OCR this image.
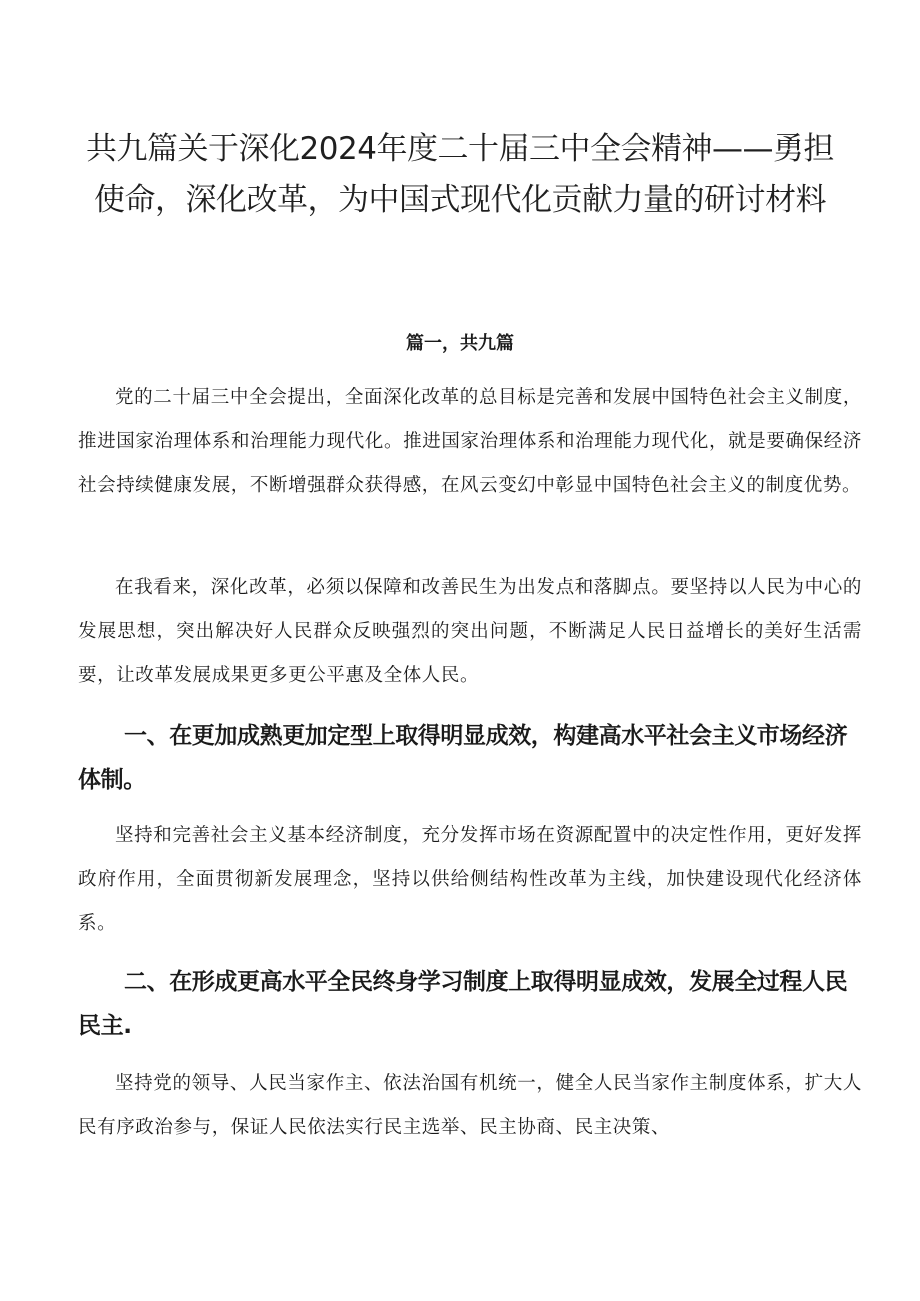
共九篇关于深化2024年度二十届三中全会精神——勇担使命，深化改革，为中国式现代化贡献力量的研讨材料
篇一，共九篇

党的二十届三中全会提出，全面深化改革的总目标是完善和发展中国特色社会主义制度，推进国家治理体系和治理能力现代化。推进国家治理体系和治理能力现代化，就是要确保经济社会持续健康发展，不断增强群众获得感，在风云变幻中彰显中国特色社会主义的制度优势。

在我看来，深化改革，必须以保障和改善民生为出发点和落脚点。要坚持以人民为中心的发展思想，突出解决好人民群众反映强烈的突出问题，不断满足人民日益增长的美好生活需要，让改革发展成果更多更公平惠及全体人民。

一、在更加成熟更加定型上取得明显成效，构建高水平社会主义市场经济体制。

坚持和完善社会主义基本经济制度，充分发挥市场在资源配置中的决定性作用，更好发挥政府作用，全面贯彻新发展理念，坚持以供给侧结构性改革为主线，加快建设现代化经济体系。

二、在形成更高水平全民终身学习制度上取得明显成效，发展全过程人民民主.

坚持党的领导、人民当家作主、依法治国有机统一，健全人民当家作主制度体系，扩大人民有序政治参与，保证人民依法实行民主选举、民主协商、民主决策、
